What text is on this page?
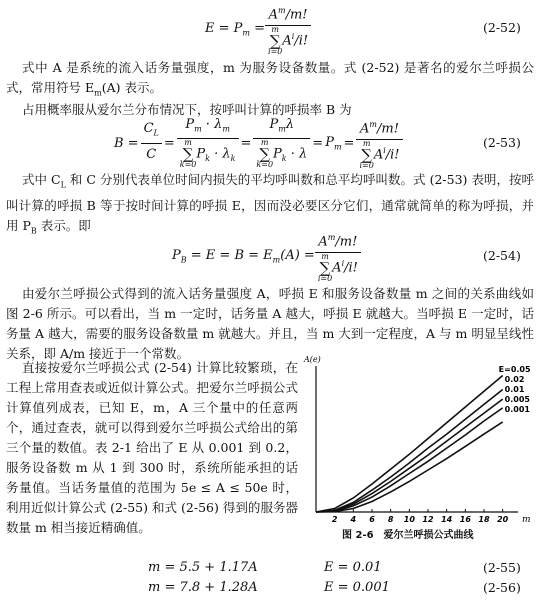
$E = P_m = A^m/m$!
m
∑
i=0
$A^i/i$!	(2-52)
式中 A 是系统的流入话务量强度，m 为服务设备数量。式 (2-52) 是著名的爱尔兰呼损公式，常用符号 $E_m(A)$ 表示。
占用概率服从爱尔兰分布情况下，按呼叫计算的呼损率 B 为
$B = \frac{C_L}{C} = P_m \cdot \lambda_m$
m
∑
k=0
$P_k \cdot \lambda_k = P_m\lambda$
m
∑
k=0
$P_k \cdot \lambda = P_m = A^m/m$!
m
∑
i=0
$A^i/i$!	(2-53)
式中 $C_L$ 和 C 分别代表单位时间内损失的平均呼叫数和总平均呼叫数。式 (2-53) 表明，按呼叫计算的呼损 B 等于按时间计算的呼损 E，因而没必要区分它们，通常就简单的称为呼损，并用 $P_B$ 表示。即
$P_B = E = B = E_m(A) = A^m/m$!
m
∑
i=0
$A^i/i$!	(2-54)
由爱尔兰呼损公式得到的流入话务量强度 A，呼损 E 和服务设备数量 m 之间的关系曲线如图 2-6 所示。可以看出，当 m 一定时，话务量 A 越大，呼损 E 就越大。当呼损 E 一定时，话务量 A 越大，需要的服务设备数量 m 就越大。并且，当 m 大到一定程度，A 与 m 明显呈线性关系，即 A/m 接近于一个常数。
直接按爱尔兰呼损公式 (2-54) 计算比较繁琐，在工程上常用查表或近似计算公式。把爱尔兰呼损公式计算值列成表，已知 E，m，A 三个量中的任意两个，通过查表，就可以得到爱尔兰呼损公式给出的第三个量的数值。表 2-1 给出了 E 从 0.001 到 0.2，服务设备数 m 从 1 到 300 时，系统所能承担的话务量值。当话务量值的范围为 5e ≤ A ≤ 50e 时，利用近似计算公式 (2-55) 和式 (2-56) 得到的服务器数量 m 相当接近精确值。
2 4 6 8 10 12 14 16 18 20 m
A(e)
E=0.05
0.02
0.01
0.005
0.001
图 2-6　爱尔兰呼损公式曲线
m = 5.5 + 1.17A	E = 0.01	(2-55)
m = 7.8 + 1.28A	E = 0.001	(2-56)
